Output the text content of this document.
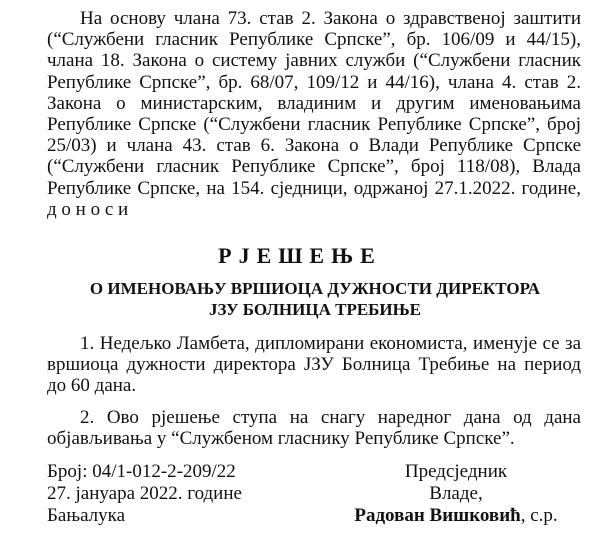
На основу члана 73. став 2. Закона о здравственој заштити (“Службени гласник Републике Српске”, бр. 106/09 и 44/15), члана 18. Закона о систему јавних служби (“Службени гласник Републике Српске”, бр. 68/07, 109/12 и 44/16), члана 4. став 2. Закона о министарским, владиним и другим именовањима Републике Српске (“Службени гласник Републике Српске”, број 25/03) и члана 43. став 6. Закона о Влади Републике Српске (“Службени гласник Републике Српске”, број 118/08), Влада Републике Српске, на 154. сједници, одржаној 27.1.2022. године, д о н о с и

РЈЕШЕЊЕ
О ИМЕНОВАЊУ ВРШИОЦА ДУЖНОСТИ ДИРЕКТОРА
ЈЗУ БОЛНИЦА ТРЕБИЊЕ

1. Недељко Ламбета, дипломирани економиста, именује се за вршиоца дужности директора ЈЗУ Болница Требиње на период до 60 дана.

2. Ово рјешење ступа на снагу наредног дана од дана објављивања у “Службеном гласнику Републике Српске”.

Број: 04/1-012-2-209/22
27. јануара 2022. године
Бањалука
Предсједник
Владе,
Радован Вишковић, с.р.
